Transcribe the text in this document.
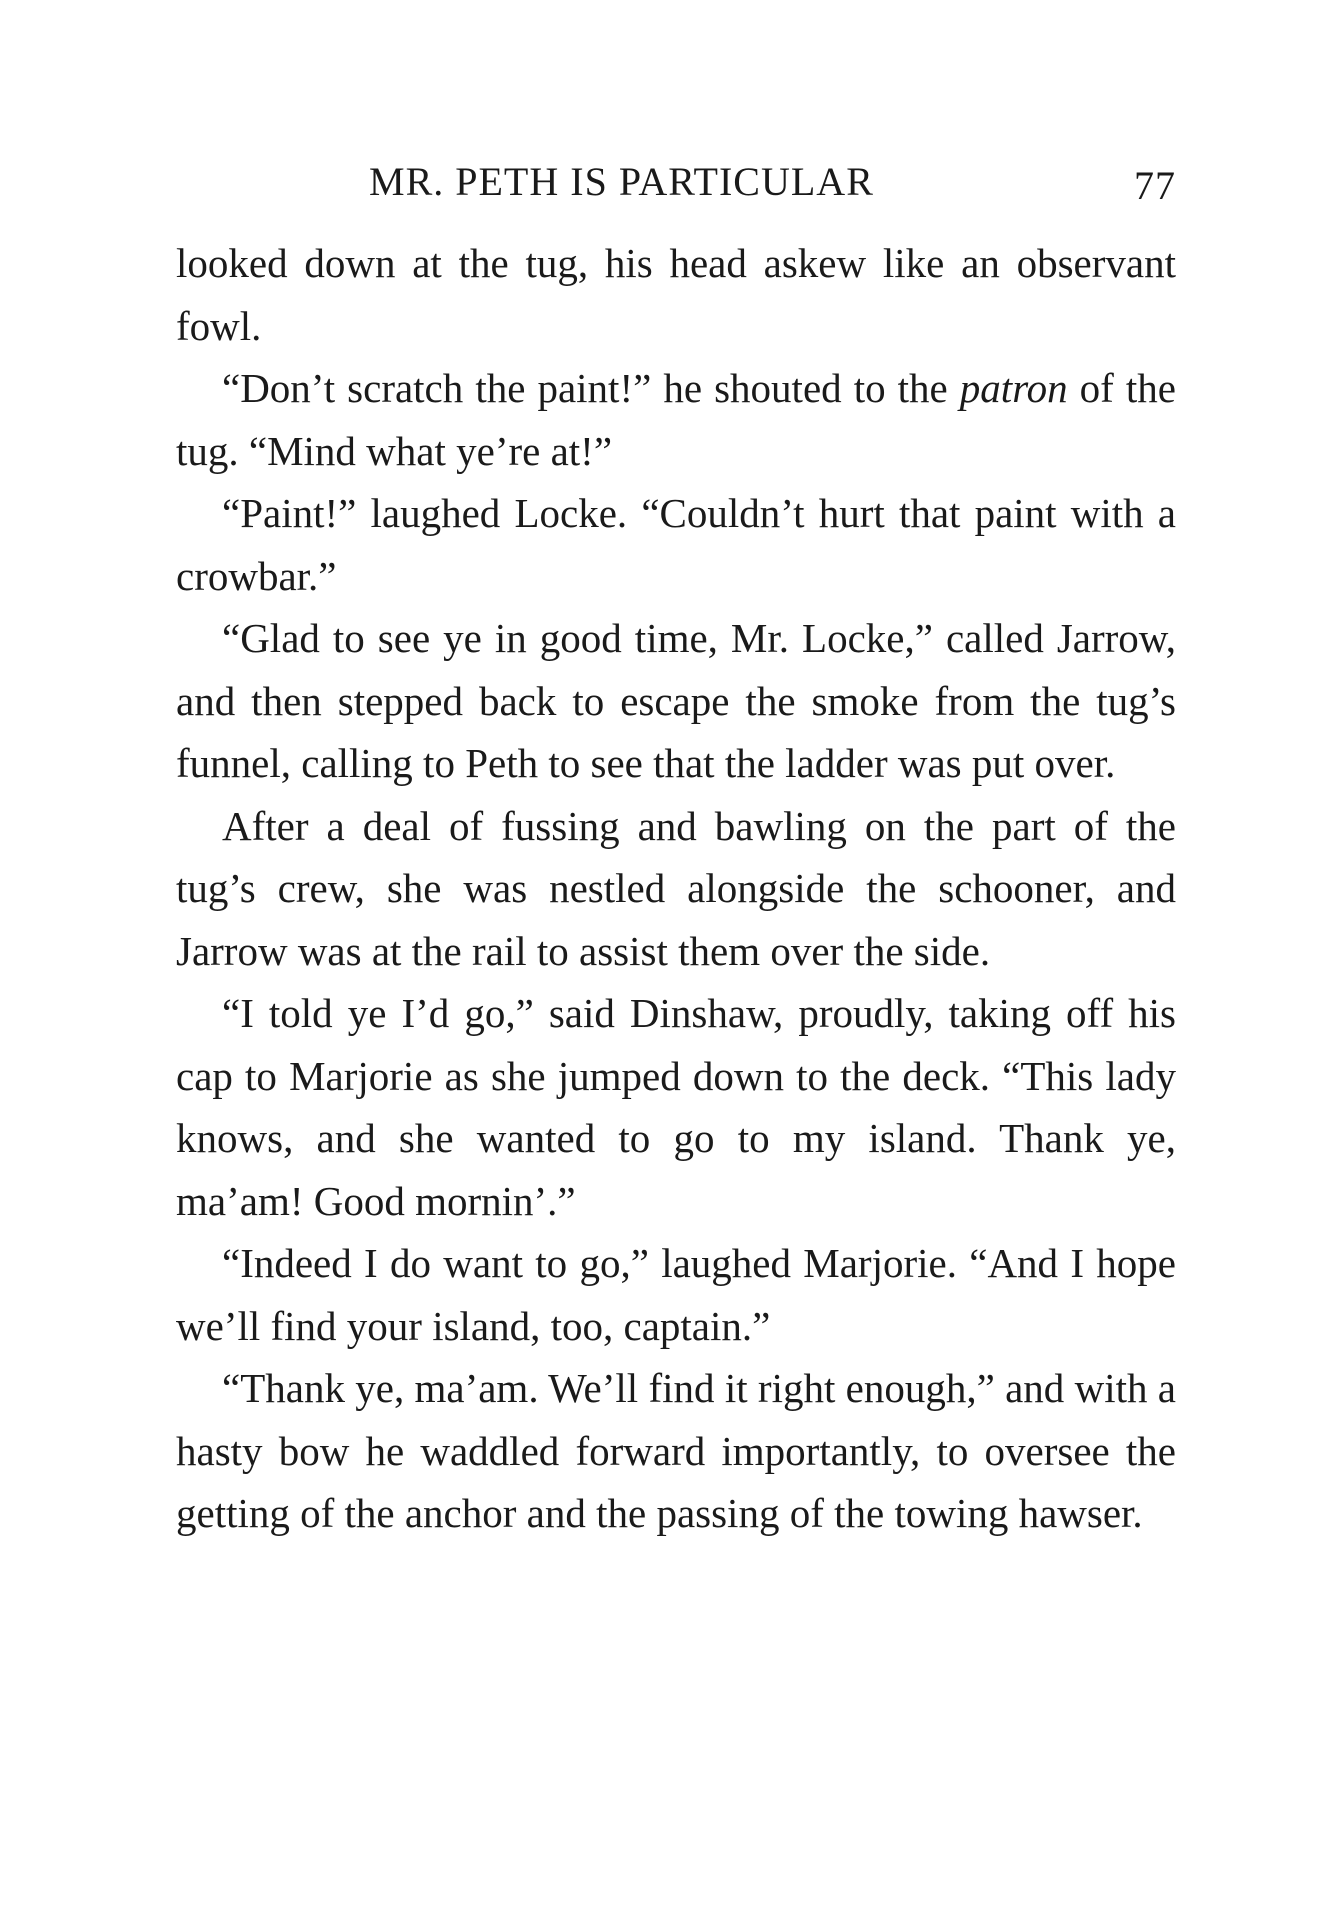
MR. PETH IS PARTICULAR	77

looked down at the tug, his head askew like an observant fowl.

“Don’t scratch the paint!” he shouted to the patron of the tug. “Mind what ye’re at!”

“Paint!” laughed Locke. “Couldn’t hurt that paint with a crowbar.”

“Glad to see ye in good time, Mr. Locke,” called Jarrow, and then stepped back to escape the smoke from the tug’s funnel, calling to Peth to see that the ladder was put over.

After a deal of fussing and bawling on the part of the tug’s crew, she was nestled alongside the schooner, and Jarrow was at the rail to assist them over the side.

“I told ye I’d go,” said Dinshaw, proudly, taking off his cap to Marjorie as she jumped down to the deck. “This lady knows, and she wanted to go to my island. Thank ye, ma’am! Good mornin’.”

“Indeed I do want to go,” laughed Marjorie. “And I hope we’ll find your island, too, captain.”

“Thank ye, ma’am. We’ll find it right enough,” and with a hasty bow he waddled forward importantly, to oversee the getting of the anchor and the passing of the towing hawser.
